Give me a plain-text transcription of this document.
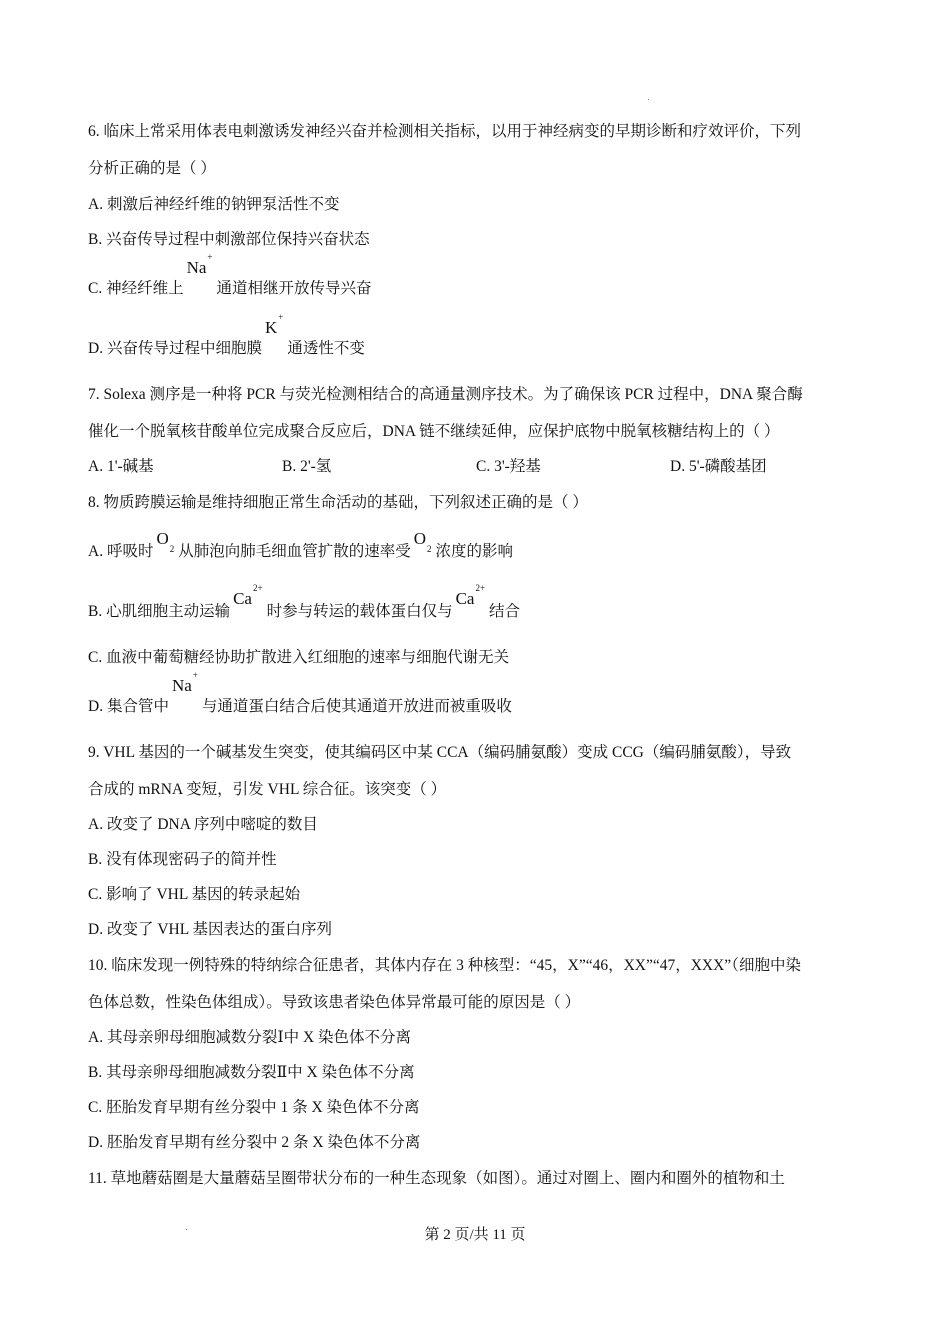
6. 临床上常采用体表电刺激诱发神经兴奋并检测相关指标，以用于神经病变的早期诊断和疗效评价，下列
分析正确的是（ ）
A. 刺激后神经纤维的钠钾泵活性不变
B. 兴奋传导过程中刺激部位保持兴奋状态
C. 神经纤维上Na+通道相继开放传导兴奋
D. 兴奋传导过程中细胞膜K+通透性不变
7. Solexa 测序是一种将 PCR 与荧光检测相结合的高通量测序技术。为了确保该 PCR 过程中，DNA 聚合酶
催化一个脱氧核苷酸单位完成聚合反应后，DNA 链不继续延伸，应保护底物中脱氧核糖结构上的（ ）
A. 1'-碱基	B. 2'-氢	C. 3'-羟基	D. 5'-磷酸基团
8. 物质跨膜运输是维持细胞正常生命活动的基础，下列叙述正确的是（ ）
A. 呼吸时$O_2$ 从肺泡向肺毛细血管扩散的速率受$O_2$ 浓度的影响
B. 心肌细胞主动运输$Ca^{2+}$时参与转运的载体蛋白仅与$Ca^{2+}$结合
C. 血液中葡萄糖经协助扩散进入红细胞的速率与细胞代谢无关
D. 集合管中Na+与通道蛋白结合后使其通道开放进而被重吸收
9. VHL 基因的一个碱基发生突变，使其编码区中某 CCA（编码脯氨酸）变成 CCG（编码脯氨酸），导致
合成的 mRNA 变短，引发 VHL 综合征。该突变（ ）
A. 改变了 DNA 序列中嘧啶的数目
B. 没有体现密码子的简并性
C. 影响了 VHL 基因的转录起始
D. 改变了 VHL 基因表达的蛋白序列
10. 临床发现一例特殊的特纳综合征患者，其体内存在 3 种核型：“45，X”“46，XX”“47，XXX”（细胞中染
色体总数，性染色体组成）。导致该患者染色体异常最可能的原因是（ ）
A. 其母亲卵母细胞减数分裂Ⅰ中 X 染色体不分离
B. 其母亲卵母细胞减数分裂Ⅱ中 X 染色体不分离
C. 胚胎发育早期有丝分裂中 1 条 X 染色体不分离
D. 胚胎发育早期有丝分裂中 2 条 X 染色体不分离
11. 草地蘑菇圈是大量蘑菇呈圈带状分布的一种生态现象（如图）。通过对圈上、圈内和圈外的植物和土
第 2 页/共 11 页
